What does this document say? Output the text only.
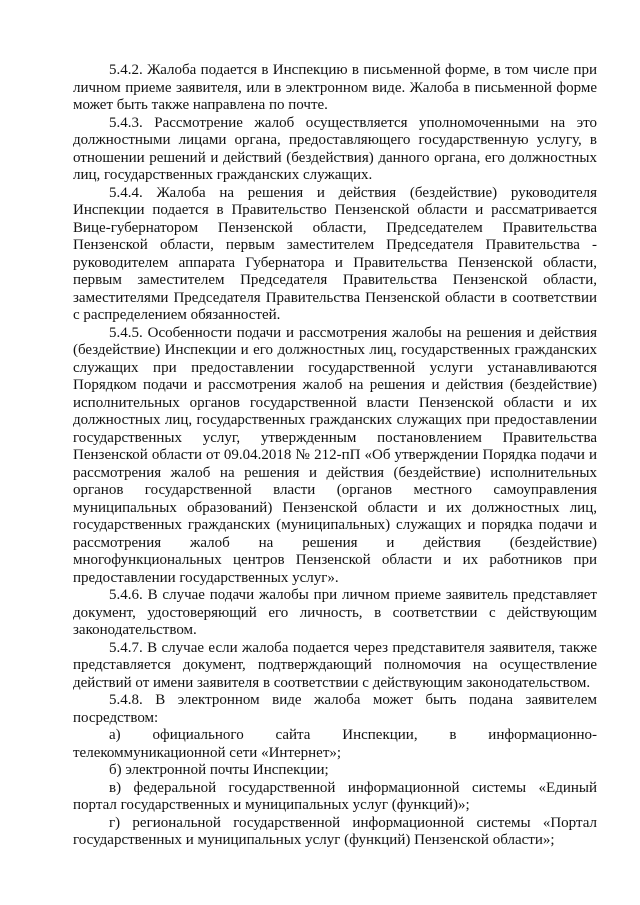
5.4.2. Жалоба подается в Инспекцию в письменной форме, в том числе при личном приеме заявителя, или в электронном виде. Жалоба в письменной форме может быть также направлена по почте.

5.4.3. Рассмотрение жалоб осуществляется уполномоченными на это должностными лицами органа, предоставляющего государственную услугу, в отношении решений и действий (бездействия) данного органа, его должностных лиц, государственных гражданских служащих.

5.4.4. Жалоба на решения и действия (бездействие) руководителя Инспекции подается в Правительство Пензенской области и рассматривается Вице-губернатором Пензенской области, Председателем Правительства Пензенской области, первым заместителем Председателя Правительства - руководителем аппарата Губернатора и Правительства Пензенской области, первым заместителем Председателя Правительства Пензенской области, заместителями Председателя Правительства Пензенской области в соответствии с распределением обязанностей.

5.4.5. Особенности подачи и рассмотрения жалобы на решения и действия (бездействие) Инспекции и его должностных лиц, государственных гражданских служащих при предоставлении государственной услуги устанавливаются Порядком подачи и рассмотрения жалоб на решения и действия (бездействие) исполнительных органов государственной власти Пензенской области и их должностных лиц, государственных гражданских служащих при предоставлении государственных услуг, утвержденным постановлением Правительства Пензенской области от 09.04.2018 № 212-пП «Об утверждении Порядка подачи и рассмотрения жалоб на решения и действия (бездействие) исполнительных органов государственной власти (органов местного самоуправления муниципальных образований) Пензенской области и их должностных лиц, государственных гражданских (муниципальных) служащих и порядка подачи и рассмотрения жалоб на решения и действия (бездействие) многофункциональных центров Пензенской области и их работников при предоставлении государственных услуг».

5.4.6. В случае подачи жалобы при личном приеме заявитель представляет документ, удостоверяющий его личность, в соответствии с действующим законодательством.

5.4.7. В случае если жалоба подается через представителя заявителя, также представляется документ, подтверждающий полномочия на осуществление действий от имени заявителя в соответствии с действующим законодательством.

5.4.8. В электронном виде жалоба может быть подана заявителем посредством:

а) официального сайта Инспекции, в информационно-телекоммуникационной сети «Интернет»;

б) электронной почты Инспекции;

в) федеральной государственной информационной системы «Единый портал государственных и муниципальных услуг (функций)»;

г) региональной государственной информационной системы «Портал государственных и муниципальных услуг (функций) Пензенской области»;
